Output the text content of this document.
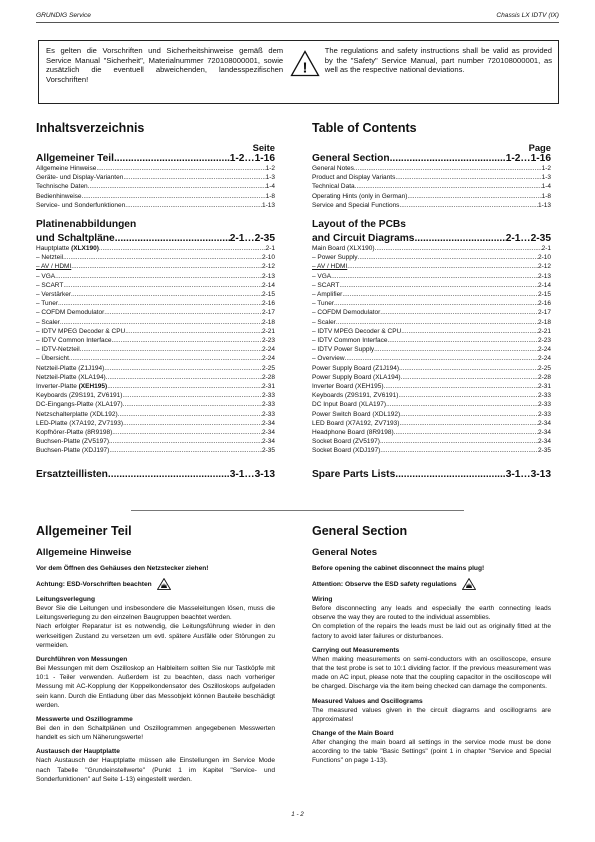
GRUNDIG Service	Chassis LX IDTV (IX)
Es gelten die Vorschriften und Sicherheitshinweise gemäß dem Service Manual "Sicherheit", Materialnummer 720108000001, sowie zusätzlich die eventuell abweichenden, landesspezifischen Vorschriften!
!
The regulations and safety instructions shall be valid as provided by the "Safety" Service Manual, part number 720108000001, as well as the respective national deviations.
Inhaltsverzeichnis
Seite
Allgemeiner Teil .....	1-2…1-16
Allgemeine Hinweise .....	1-2
Geräte- und Display-Varianten .....	1-3
Technische Daten .....	1-4
Bedienhinweise .....	1-8
Service- und Sonderfunktionen .....	1-13
Platinenabbildungen
und Schaltpläne .....	2-1…2-35
Hauptplatte (XLX190) .....	2-1
– Netzteil .....	2-10
– AV / HDMI .....	2-12
– VGA .....	2-13
– SCART .....	2-14
– Verstärker .....	2-15
– Tuner .....	2-16
– COFDM Demodulator .....	2-17
– Scaler .....	2-18
– IDTV MPEG Decoder & CPU .....	2-21
– IDTV Common Interface .....	2-23
– IDTV-Netzteil .....	2-24
– Übersicht .....	2-24
Netzteil-Platte (Z1J194) .....	2-25
Netzteil-Platte (XLA194) .....	2-28
Inverter-Platte (XEH195) .....	2-31
Keyboards (Z9S191, ZV6191) .....	2-33
DC-Eingangs-Platte (XLA197) .....	2-33
Netzschalterplatte (XDL192) .....	2-33
LED-Platte (X7A192, ZV7193) .....	2-34
Kopfhörer-Platte (8R9198) .....	2-34
Buchsen-Platte (ZV5197) .....	2-34
Buchsen-Platte (XDJ197) .....	2-35
Ersatzteillisten .....	3-1…3-13
Table of Contents
Page
General Section .....	1-2…1-16
General Notes .....	1-2
Product and Display Variants .....	1-3
Technical Data .....	1-4
Operating Hints (only in German) .....	1-8
Service and Special Functions .....	1-13
Layout of the PCBs
and Circuit Diagrams .....	2-1…2-35
Main Board (XLX190) .....	2-1
– Power Supply .....	2-10
– AV / HDMI .....	2-12
– VGA .....	2-13
– SCART .....	2-14
– Amplifier .....	2-15
– Tuner .....	2-16
– COFDM Demodulator .....	2-17
– Scaler .....	2-18
– IDTV MPEG Decoder & CPU .....	2-21
– IDTV Common Interface .....	2-23
– IDTV Power Supply .....	2-24
– Overview .....	2-24
Power Supply Board (Z1J194) .....	2-25
Power Supply Board (XLA194) .....	2-28
Inverter Board (XEH195) .....	2-31
Keyboards (Z9S191, ZV6191) .....	2-33
DC Input Board (XLA197) .....	2-33
Power Switch Board (XDL192) .....	2-33
LED Board (X7A192, ZV7193) .....	2-34
Headphone Board (8R9198) .....	2-34
Socket Board (ZV5197) .....	2-34
Socket Board (XDJ197) .....	2-35
Spare Parts Lists .....	3-1…3-13
Allgemeiner Teil
Allgemeine Hinweise
Vor dem Öffnen des Gehäuses den Netzstecker ziehen!
Achtung: ESD-Vorschriften beachten
Leitungsverlegung
Bevor Sie die Leitungen und insbesondere die Masseleitungen lösen, muss die Leitungsverlegung zu den einzelnen Baugruppen beachtet werden.
Nach erfolgter Reparatur ist es notwendig, die Leitungsführung wieder in den werkseitigen Zustand zu versetzen um evtl. spätere Ausfälle oder Störungen zu vermeiden.
Durchführen von Messungen
Bei Messungen mit dem Oszilloskop an Halbleitern sollten Sie nur Tastköpfe mit 10:1 - Teiler verwenden. Außerdem ist zu beachten, dass nach vorheriger Messung mit AC-Kopplung der Koppelkondensator des Oszilloskops aufgeladen sein kann. Durch die Entladung über das Messobjekt können Bauteile beschädigt werden.
Messwerte und Oszillogramme
Bei den in den Schaltplänen und Oszillogrammen angegebenen Messwerten handelt es sich um Näherungswerte!
Austausch der Hauptplatte
Nach Austausch der Hauptplatte müssen alle Einstellungen im Service Mode nach Tabelle "Grundeinstellwerte" (Punkt 1 im Kapitel "Service- und Sonderfunktionen" auf Seite 1-13) eingestellt werden.
General Section
General Notes
Before opening the cabinet disconnect the mains plug!
Attention: Observe the ESD safety regulations
Wiring
Before disconnecting any leads and especially the earth connecting leads observe the way they are routed to the individual assemblies.
On completion of the repairs the leads must be laid out as originally fitted at the factory to avoid later failures or disturbances.
Carrying out Measurements
When making measurements on semi-conductors with an oscilloscope, ensure that the test probe is set to 10:1 dividing factor. If the previous measurement was made on AC input, please note that the coupling capacitor in the oscilloscope will be charged. Discharge via the item being checked can damage the components.
Measured Values and Oscillograms
The measured values given in the circuit diagrams and oscillograms are approximates!
Change of the Main Board
After changing the main board all settings in the service mode must be done according to the table "Basic Settings" (point 1 in chapter "Service and Special Functions" on page 1-13).
1 - 2
